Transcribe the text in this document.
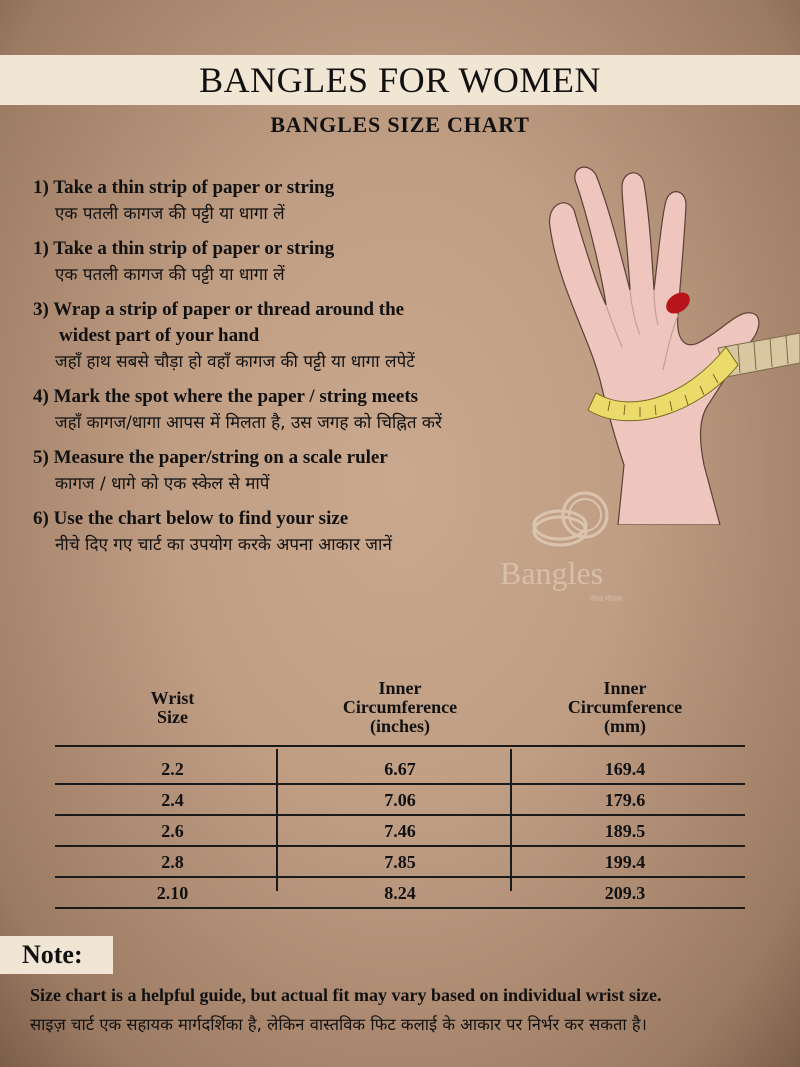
BANGLES FOR WOMEN
BANGLES SIZE CHART
1) Take a thin strip of paper or string
एक पतली कागज की पट्टी या धागा लें
1) Take a thin strip of paper or string
एक पतली कागज की पट्टी या धागा लें
3) Wrap a strip of paper or thread around the
widest part of your hand
जहाँ हाथ सबसे चौड़ा हो वहाँ कागज की पट्टी या धागा लपेटें
4) Mark the spot where the paper / string meets
जहाँ कागज/धागा आपस में मिलता है, उस जगह को चिह्नित करें
5) Measure the paper/string on a scale ruler
कागज / धागे को एक स्केल से मापें
6) Use the chart below to find your size
नीचे दिए गए चार्ट का उपयोग करके अपना आकार जानें
Bangles
गोल्ड मॉडल्स
Wrist
Size
Inner
Circumference
(inches)
Inner
Circumference
(mm)
2.2	6.67	169.4
2.4	7.06	179.6
2.6	7.46	189.5
2.8	7.85	199.4
2.10	8.24	209.3
Note:
Size chart is a helpful guide, but actual fit may vary based on individual wrist size.
साइज़ चार्ट एक सहायक मार्गदर्शिका है, लेकिन वास्तविक फिट कलाई के आकार पर निर्भर कर सकता है।
